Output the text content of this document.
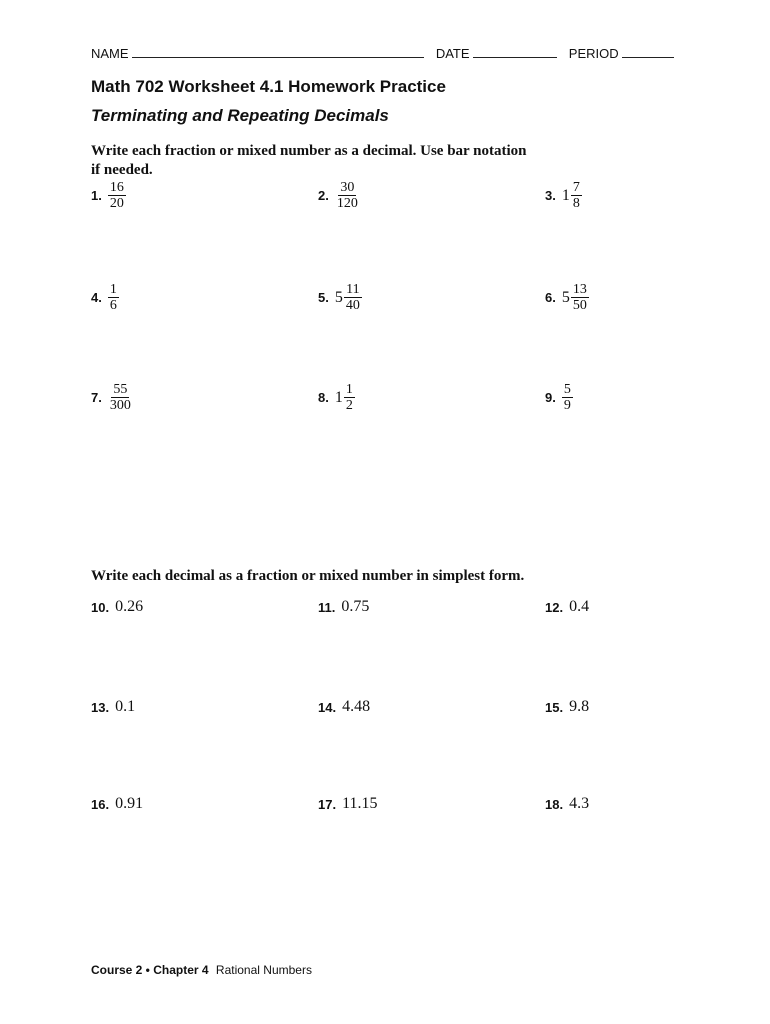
NAME	DATE	PERIOD
Math 702 Worksheet 4.1 Homework Practice
Terminating and Repeating Decimals
Write each fraction or mixed number as a decimal. Use bar notation
if needed.
1. $\frac{16}{20}$	2. $\frac{30}{120}$	3. $1 \frac{7}{8}$
4. $\frac{1}{6}$	5. $5 \frac{11}{40}$	6. $5 \frac{13}{50}$
7. $\frac{55}{300}$	8. $1 \frac{1}{2}$	9. $\frac{5}{9}$
Write each decimal as a fraction or mixed number in simplest form.
10. 0.26	11. 0.75	12. 0.4
13. 0.1	14. 4.48	15. 9.8
16. 0.91	17. 11.15	18. 4.3
Course 2 • Chapter 4 Rational Numbers
